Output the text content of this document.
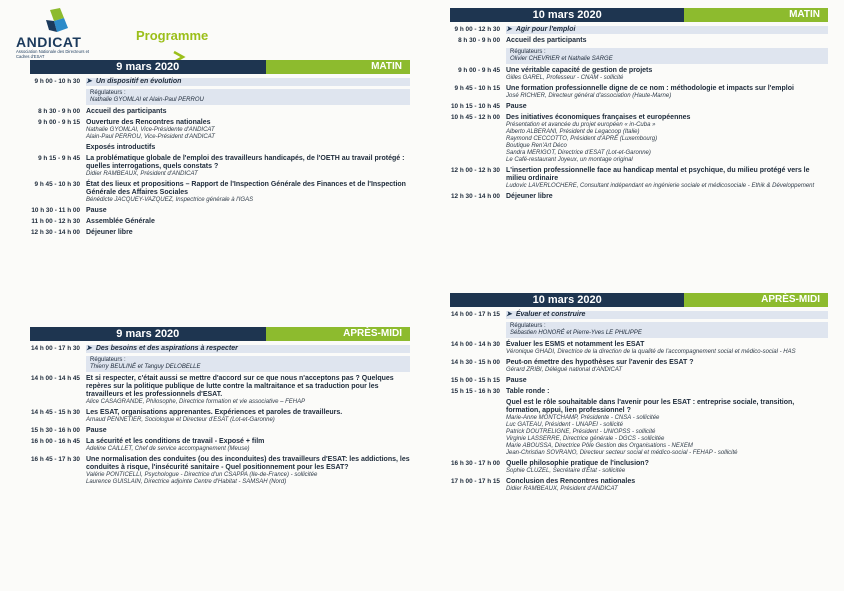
ANDICAT
Association Nationale des Directeurs et Cadres d'ESAT
Programme
9 mars 2020	MATIN
9 h 00 - 10 h 30 ➤ Un dispositif en évolution
Régulateurs :
Nathalie GYOMLAI et Alain-Paul PERROU
8 h 30 - 9 h 00 Accueil des participants
9 h 00 - 9 h 15 Ouverture des Rencontres nationales
Nathalie GYOMLAI, Vice-Présidente d'ANDICAT
Alain-Paul PERROU, Vice-Président d'ANDICAT
Exposés introductifs
9 h 15 - 9 h 45 La problématique globale de l'emploi des travailleurs handicapés, de l'OETH au travail protégé : quelles interrogations, quels constats ?
Didier RAMBEAUX, Président d'ANDICAT
9 h 45 - 10 h 30 État des lieux et propositions – Rapport de l'Inspection Générale des Finances et de l'Inspection Générale des Affaires Sociales
Bénédicte JACQUEY-VAZQUEZ, Inspectrice générale à l'IGAS
10 h 30 - 11 h 00 Pause
11 h 00 - 12 h 30 Assemblée Générale
12 h 30 - 14 h 00 Déjeuner libre
9 mars 2020	APRÈS-MIDI
14 h 00 - 17 h 30 ➤ Des besoins et des aspirations à respecter
Régulateurs :
Thierry BEULINÉ et Tanguy DELOBELLE
14 h 00 - 14 h 45 Et si respecter, c'était aussi se mettre d'accord sur ce que nous n'acceptons pas ? Quelques repères sur la politique publique de lutte contre la maltraitance et sa traduction pour les travailleurs et les professionnels d'ESAT.
Alice CASAGRANDE, Philosophe, Directrice formation et vie associative – FEHAP
14 h 45 - 15 h 30 Les ESAT, organisations apprenantes. Expériences et paroles de travailleurs.
Arnaud PENNETIER, Sociologue et Directeur d'ESAT (Lot-et-Garonne)
15 h 30 - 16 h 00 Pause
16 h 00 - 16 h 45 La sécurité et les conditions de travail - Exposé + film
Adeline CAILLET, Chef de service accompagnement (Meuse)
16 h 45 - 17 h 30 Une normalisation des conduites (ou des inconduites) des travailleurs d'ESAT: les addictions, les conduites à risque, l'insécurité sanitaire - Quel positionnement pour les ESAT?
Valérie PONTICELLI, Psychologue - Directrice d'un CSAPPA (Ile-de-France) - sollicitée
Laurence GUISLAIN, Directrice adjointe Centre d'Habitat - SAMSAH (Nord)
10 mars 2020	MATIN
9 h 00 - 12 h 30 ➤ Agir pour l'emploi
8 h 30 - 9 h 00 Accueil des participants
Régulateurs :
Olivier CHEVRIER et Nathalie SARGE
9 h 00 - 9 h 45 Une véritable capacité de gestion de projets
Gilles GAREL, Professeur - CNAM - sollicité
9 h 45 - 10 h 15 Une formation professionnelle digne de ce nom : méthodologie et impacts sur l'emploi
José RICHIER, Directeur général d'association (Haute-Marne)
10 h 15 - 10 h 45 Pause
10 h 45 - 12 h 00 Des initiatives économiques françaises et européennes
Présentation et avancée du projet européen « in-Cuba »
Alberto ALBERANI, Président de Legacoop (Italie)
Raymond CECCOTTO, Président d'APRÉ (Luxembourg)
Boutique Ren'Art Déco
Sandra MERIGOT, Directrice d'ESAT (Lot-et-Garonne)
Le Café-restaurant Joyeux, un montage original
12 h 00 - 12 h 30 L'insertion professionnelle face au handicap mental et psychique, du milieu protégé vers le milieu ordinaire
Ludovic LAVERLOCHERE, Consultant indépendant en ingénierie sociale et médicosociale - Ethik & Développement
12 h 30 - 14 h 00 Déjeuner libre
10 mars 2020	APRÈS-MIDI
14 h 00 - 17 h 15 ➤ Évaluer et construire
Régulateurs :
Sébastien HONORÉ et Pierre-Yves LE PHILIPPE
14 h 00 - 14 h 30 Évaluer les ESMS et notamment les ESAT
Véronique GHADI, Directrice de la direction de la qualité de l'accompagnement social et médico-social - HAS
14 h 30 - 15 h 00 Peut-on émettre des hypothèses sur l'avenir des ESAT ?
Gérard ZRIBI, Délégué national d'ANDICAT
15 h 00 - 15 h 15 Pause
15 h 15 - 16 h 30 Table ronde :
Quel est le rôle souhaitable dans l'avenir pour les ESAT : entreprise sociale, transition, formation, appui, lien professionnel ?
Marie-Anne MONTCHAMP, Présidente - CNSA - sollicitée
Luc GATEAU, Président - UNAPEI - sollicité
Patrick DOUTRELIGNE, Président - UNIOPSS - sollicité
Virginie LASSERRE, Directrice générale - DGCS - sollicitée
Marie ABOUSSA, Directrice Pôle Gestion des Organisations - NEXEM
Jean-Christian SOVRANO, Directeur secteur social et médico-social - FEHAP - sollicité
16 h 30 - 17 h 00 Quelle philosophie pratique de l'inclusion?
Sophie CLUZEL, Secrétaire d'État - sollicitée
17 h 00 - 17 h 15 Conclusion des Rencontres nationales
Didier RAMBEAUX, Président d'ANDICAT
